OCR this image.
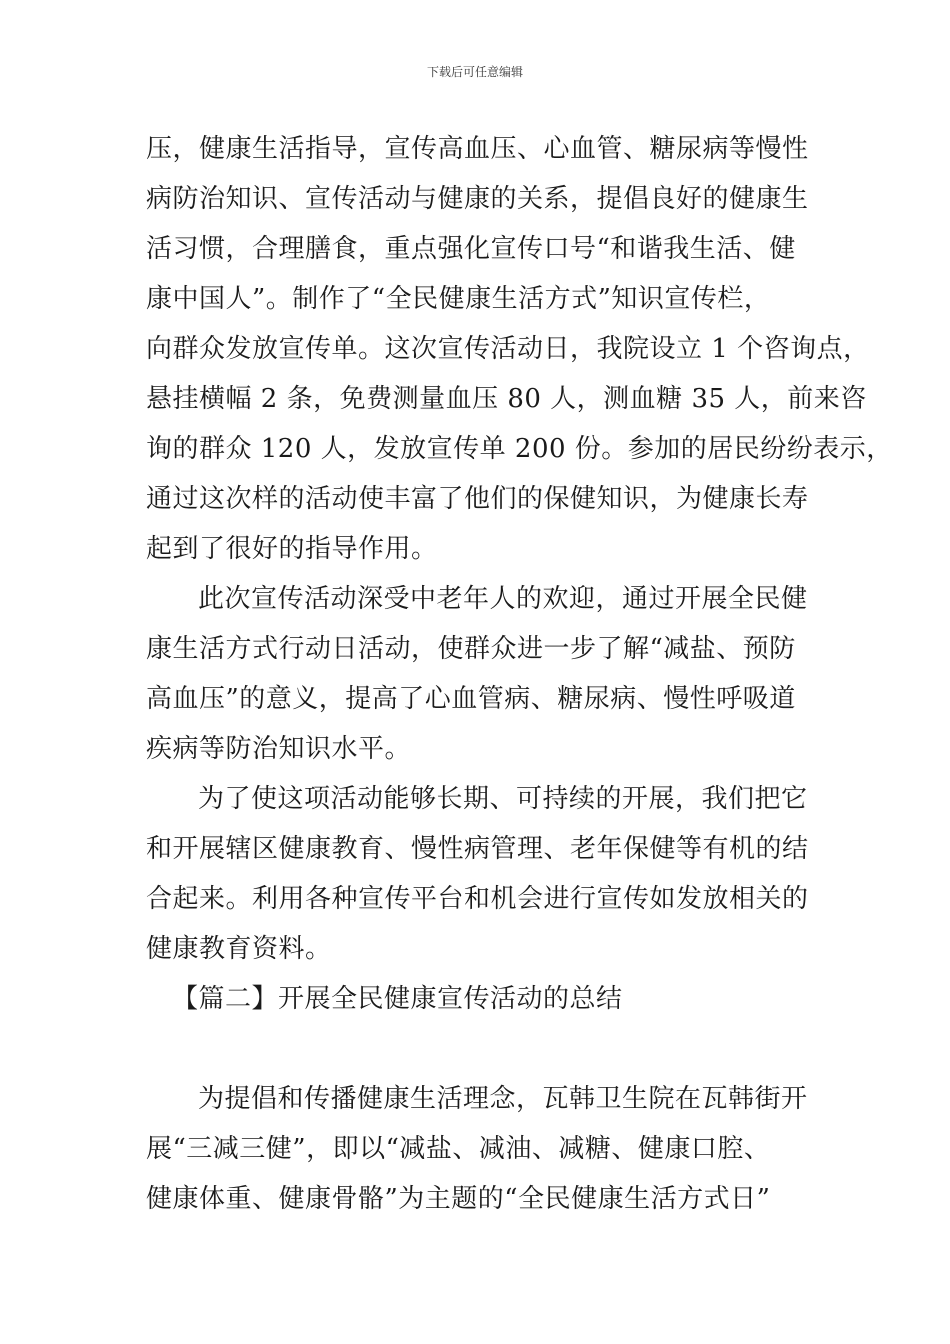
下载后可任意编辑
压，健康生活指导，宣传高血压、心血管、糖尿病等慢性
病防治知识、宣传活动与健康的关系，提倡良好的健康生
活习惯，合理膳食，重点强化宣传口号“和谐我生活、健
康中国人”。制作了“全民健康生活方式”知识宣传栏，
向群众发放宣传单。这次宣传活动日，我院设立 1 个咨询点，
悬挂横幅 2 条，免费测量血压 80 人，测血糖 35 人，前来咨
询的群众 120 人，发放宣传单 200 份。参加的居民纷纷表示，
通过这次样的活动使丰富了他们的保健知识，为健康长寿
起到了很好的指导作用。
此次宣传活动深受中老年人的欢迎，通过开展全民健
康生活方式行动日活动，使群众进一步了解“减盐、预防
高血压”的意义，提高了心血管病、糖尿病、慢性呼吸道
疾病等防治知识水平。
为了使这项活动能够长期、可持续的开展，我们把它
和开展辖区健康教育、慢性病管理、老年保健等有机的结
合起来。利用各种宣传平台和机会进行宣传如发放相关的
健康教育资料。
【篇二】开展全民健康宣传活动的总结
为提倡和传播健康生活理念，瓦韩卫生院在瓦韩街开
展“三减三健”，即以“减盐、减油、减糖、健康口腔、
健康体重、健康骨骼”为主题的“全民健康生活方式日”
